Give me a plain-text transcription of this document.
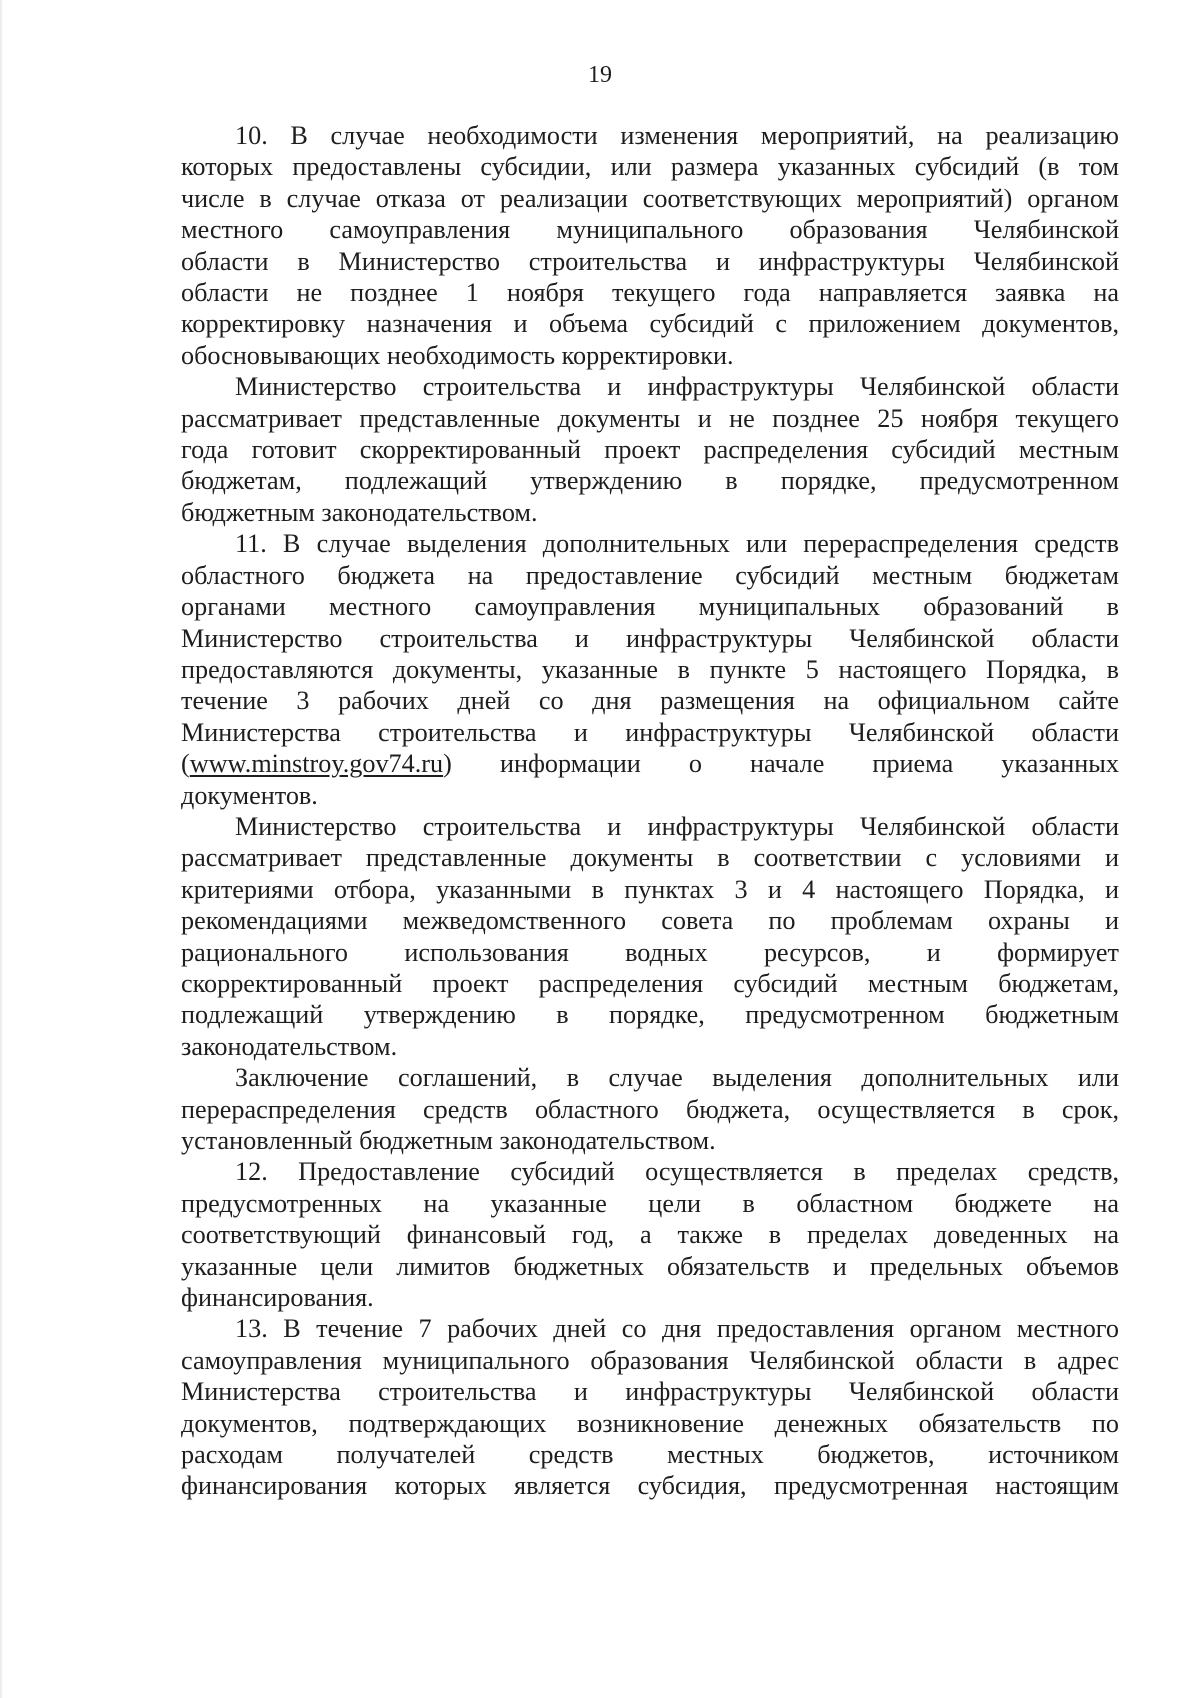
19

10. В случае необходимости изменения мероприятий, на реализацию
которых предоставлены субсидии, или размера указанных субсидий (в том
числе в случае отказа от реализации соответствующих мероприятий) органом
местного самоуправления муниципального образования Челябинской
области в Министерство строительства и инфраструктуры Челябинской
области не позднее 1 ноября текущего года направляется заявка на
корректировку назначения и объема субсидий с приложением документов,
обосновывающих необходимость корректировки.

Министерство строительства и инфраструктуры Челябинской области
рассматривает представленные документы и не позднее 25 ноября текущего
года готовит скорректированный проект распределения субсидий местным
бюджетам, подлежащий утверждению в порядке, предусмотренном
бюджетным законодательством.

11. В случае выделения дополнительных или перераспределения средств
областного бюджета на предоставление субсидий местным бюджетам
органами местного самоуправления муниципальных образований в
Министерство строительства и инфраструктуры Челябинской области
предоставляются документы, указанные в пункте 5 настоящего Порядка, в
течение 3 рабочих дней со дня размещения на официальном сайте
Министерства строительства и инфраструктуры Челябинской области
(www.minstroy.gov74.ru) информации о начале приема указанных
документов.

Министерство строительства и инфраструктуры Челябинской области
рассматривает представленные документы в соответствии с условиями и
критериями отбора, указанными в пунктах 3 и 4 настоящего Порядка, и
рекомендациями межведомственного совета по проблемам охраны и
рационального использования водных ресурсов, и формирует
скорректированный проект распределения субсидий местным бюджетам,
подлежащий утверждению в порядке, предусмотренном бюджетным
законодательством.

Заключение соглашений, в случае выделения дополнительных или
перераспределения средств областного бюджета, осуществляется в срок,
установленный бюджетным законодательством.

12. Предоставление субсидий осуществляется в пределах средств,
предусмотренных на указанные цели в областном бюджете на
соответствующий финансовый год, а также в пределах доведенных на
указанные цели лимитов бюджетных обязательств и предельных объемов
финансирования.

13. В течение 7 рабочих дней со дня предоставления органом местного
самоуправления муниципального образования Челябинской области в адрес
Министерства строительства и инфраструктуры Челябинской области
документов, подтверждающих возникновение денежных обязательств по
расходам получателей средств местных бюджетов, источником
финансирования которых является субсидия, предусмотренная настоящим
